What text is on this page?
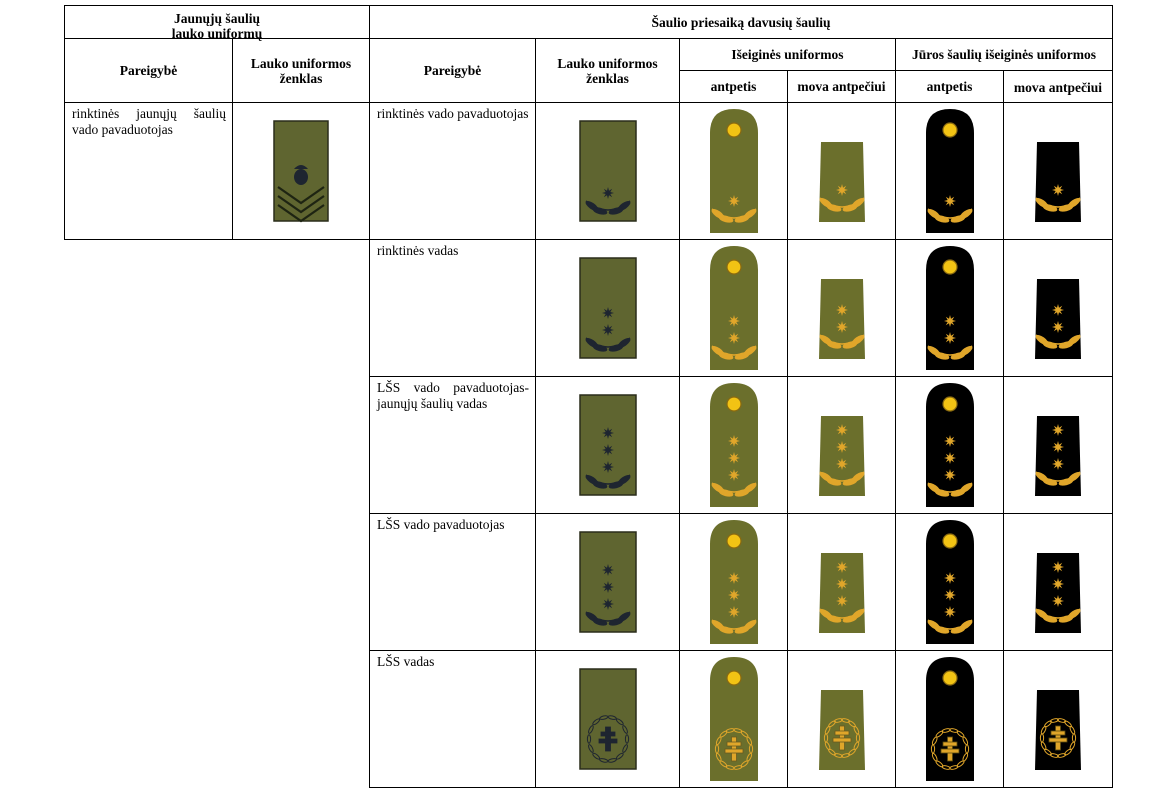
Jaunųjų šaulių
lauko uniformų		Šaulio priesaiką davusių šaulių					
Pareigybė	Lauko uniformos ženklas	Pareigybė	Lauko uniformos ženklas	Išeiginės uniformos		Jūros šaulių išeiginės uniformos	
				antpetis	mova antpečiui	antpetis	mova antpečiui
rinktinės jaunųjų šaulių vado pavaduotojas		rinktinės vado pavaduotojas	

		rinktinės vadas	

		LŠS vado pavaduotojas-jaunųjų šaulių vadas	

		LŠS vado pavaduotojas	

		LŠS vadas	
